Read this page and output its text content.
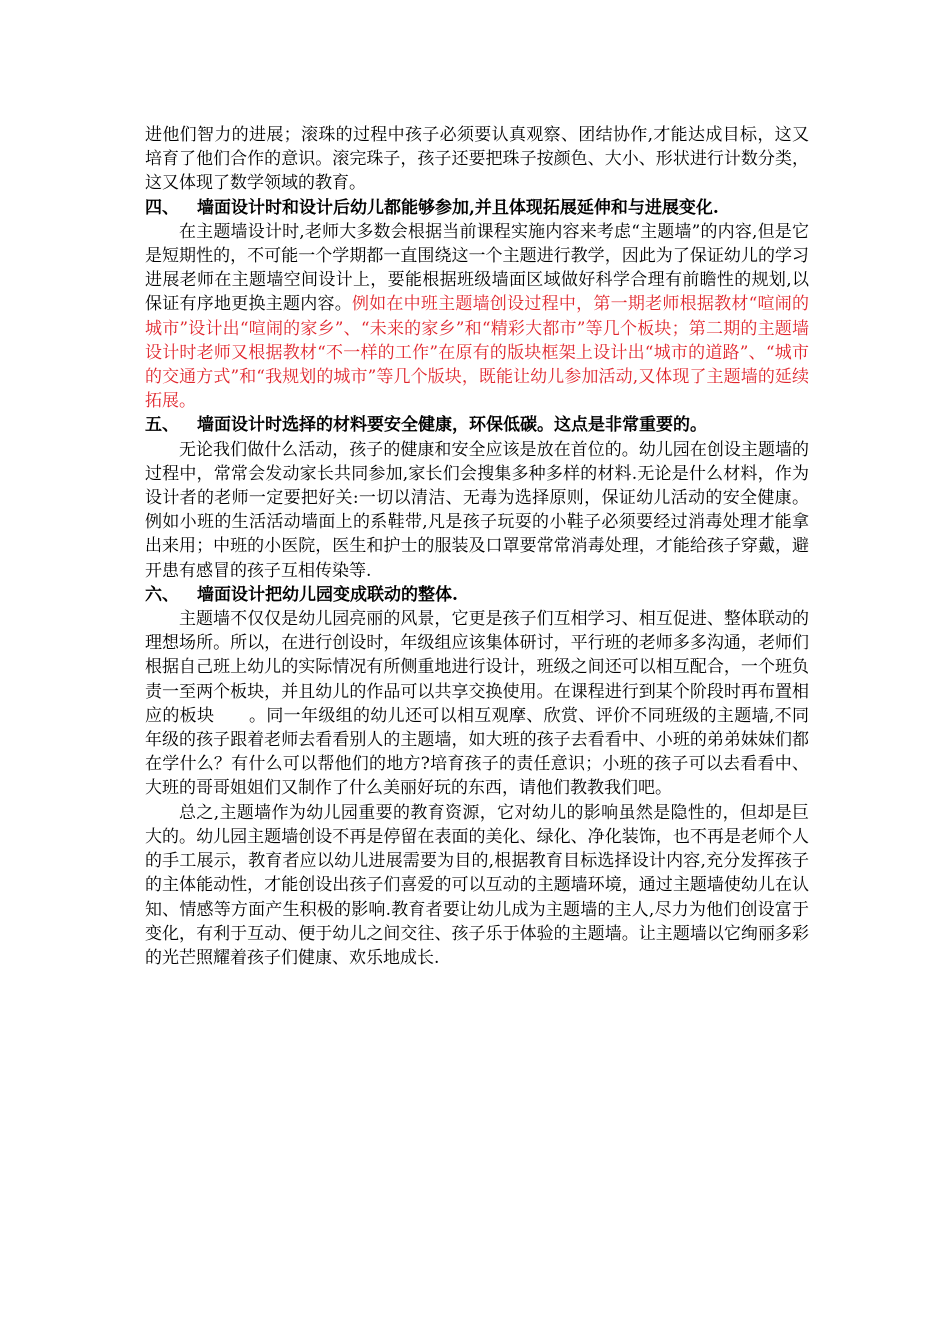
进他们智力的进展；滚珠的过程中孩子必须要认真观察、团结协作,才能达成目标，这又培育了他们合作的意识。滚完珠子，孩子还要把珠子按颜色、大小、形状进行计数分类，这又体现了数学领域的教育。

四、 墙面设计时和设计后幼儿都能够参加,并且体现拓展延伸和与进展变化.

在主题墙设计时,老师大多数会根据当前课程实施内容来考虑“主题墙”的内容,但是它是短期性的，不可能一个学期都一直围绕这一个主题进行教学，因此为了保证幼儿的学习进展老师在主题墙空间设计上，要能根据班级墙面区域做好科学合理有前瞻性的规划,以保证有序地更换主题内容。例如在中班主题墙创设过程中，第一期老师根据教材“喧闹的城市”设计出“喧闹的家乡”、“未来的家乡”和“精彩大都市”等几个板块；第二期的主题墙设计时老师又根据教材“不一样的工作”在原有的版块框架上设计出“城市的道路”、“城市的交通方式”和“我规划的城市”等几个版块，既能让幼儿参加活动,又体现了主题墙的延续拓展。

五、 墙面设计时选择的材料要安全健康，环保低碳。这点是非常重要的。

无论我们做什么活动，孩子的健康和安全应该是放在首位的。幼儿园在创设主题墙的过程中，常常会发动家长共同参加,家长们会搜集多种多样的材料.无论是什么材料，作为设计者的老师一定要把好关:一切以清洁、无毒为选择原则，保证幼儿活动的安全健康。例如小班的生活活动墙面上的系鞋带,凡是孩子玩耍的小鞋子必须要经过消毒处理才能拿出来用；中班的小医院，医生和护士的服装及口罩要常常消毒处理，才能给孩子穿戴，避开患有感冒的孩子互相传染等.

六、 墙面设计把幼儿园变成联动的整体.

主题墙不仅仅是幼儿园亮丽的风景，它更是孩子们互相学习、相互促进、整体联动的理想场所。所以，在进行创设时，年级组应该集体研讨，平行班的老师多多沟通，老师们根据自己班上幼儿的实际情况有所侧重地进行设计，班级之间还可以相互配合，一个班负责一至两个板块，并且幼儿的作品可以共享交换使用。在课程进行到某个阶段时再布置相应的板块　　。同一年级组的幼儿还可以相互观摩、欣赏、评价不同班级的主题墙,不同年级的孩子跟着老师去看看别人的主题墙，如大班的孩子去看看中、小班的弟弟妹妹们都在学什么？有什么可以帮他们的地方?培育孩子的责任意识；小班的孩子可以去看看中、大班的哥哥姐姐们又制作了什么美丽好玩的东西，请他们教教我们吧。

总之,主题墙作为幼儿园重要的教育资源，它对幼儿的影响虽然是隐性的，但却是巨大的。幼儿园主题墙创设不再是停留在表面的美化、绿化、净化装饰，也不再是老师个人的手工展示，教育者应以幼儿进展需要为目的,根据教育目标选择设计内容,充分发挥孩子的主体能动性，才能创设出孩子们喜爱的可以互动的主题墙环境，通过主题墙使幼儿在认知、情感等方面产生积极的影响.教育者要让幼儿成为主题墙的主人,尽力为他们创设富于变化，有利于互动、便于幼儿之间交往、孩子乐于体验的主题墙。让主题墙以它绚丽多彩的光芒照耀着孩子们健康、欢乐地成长.
